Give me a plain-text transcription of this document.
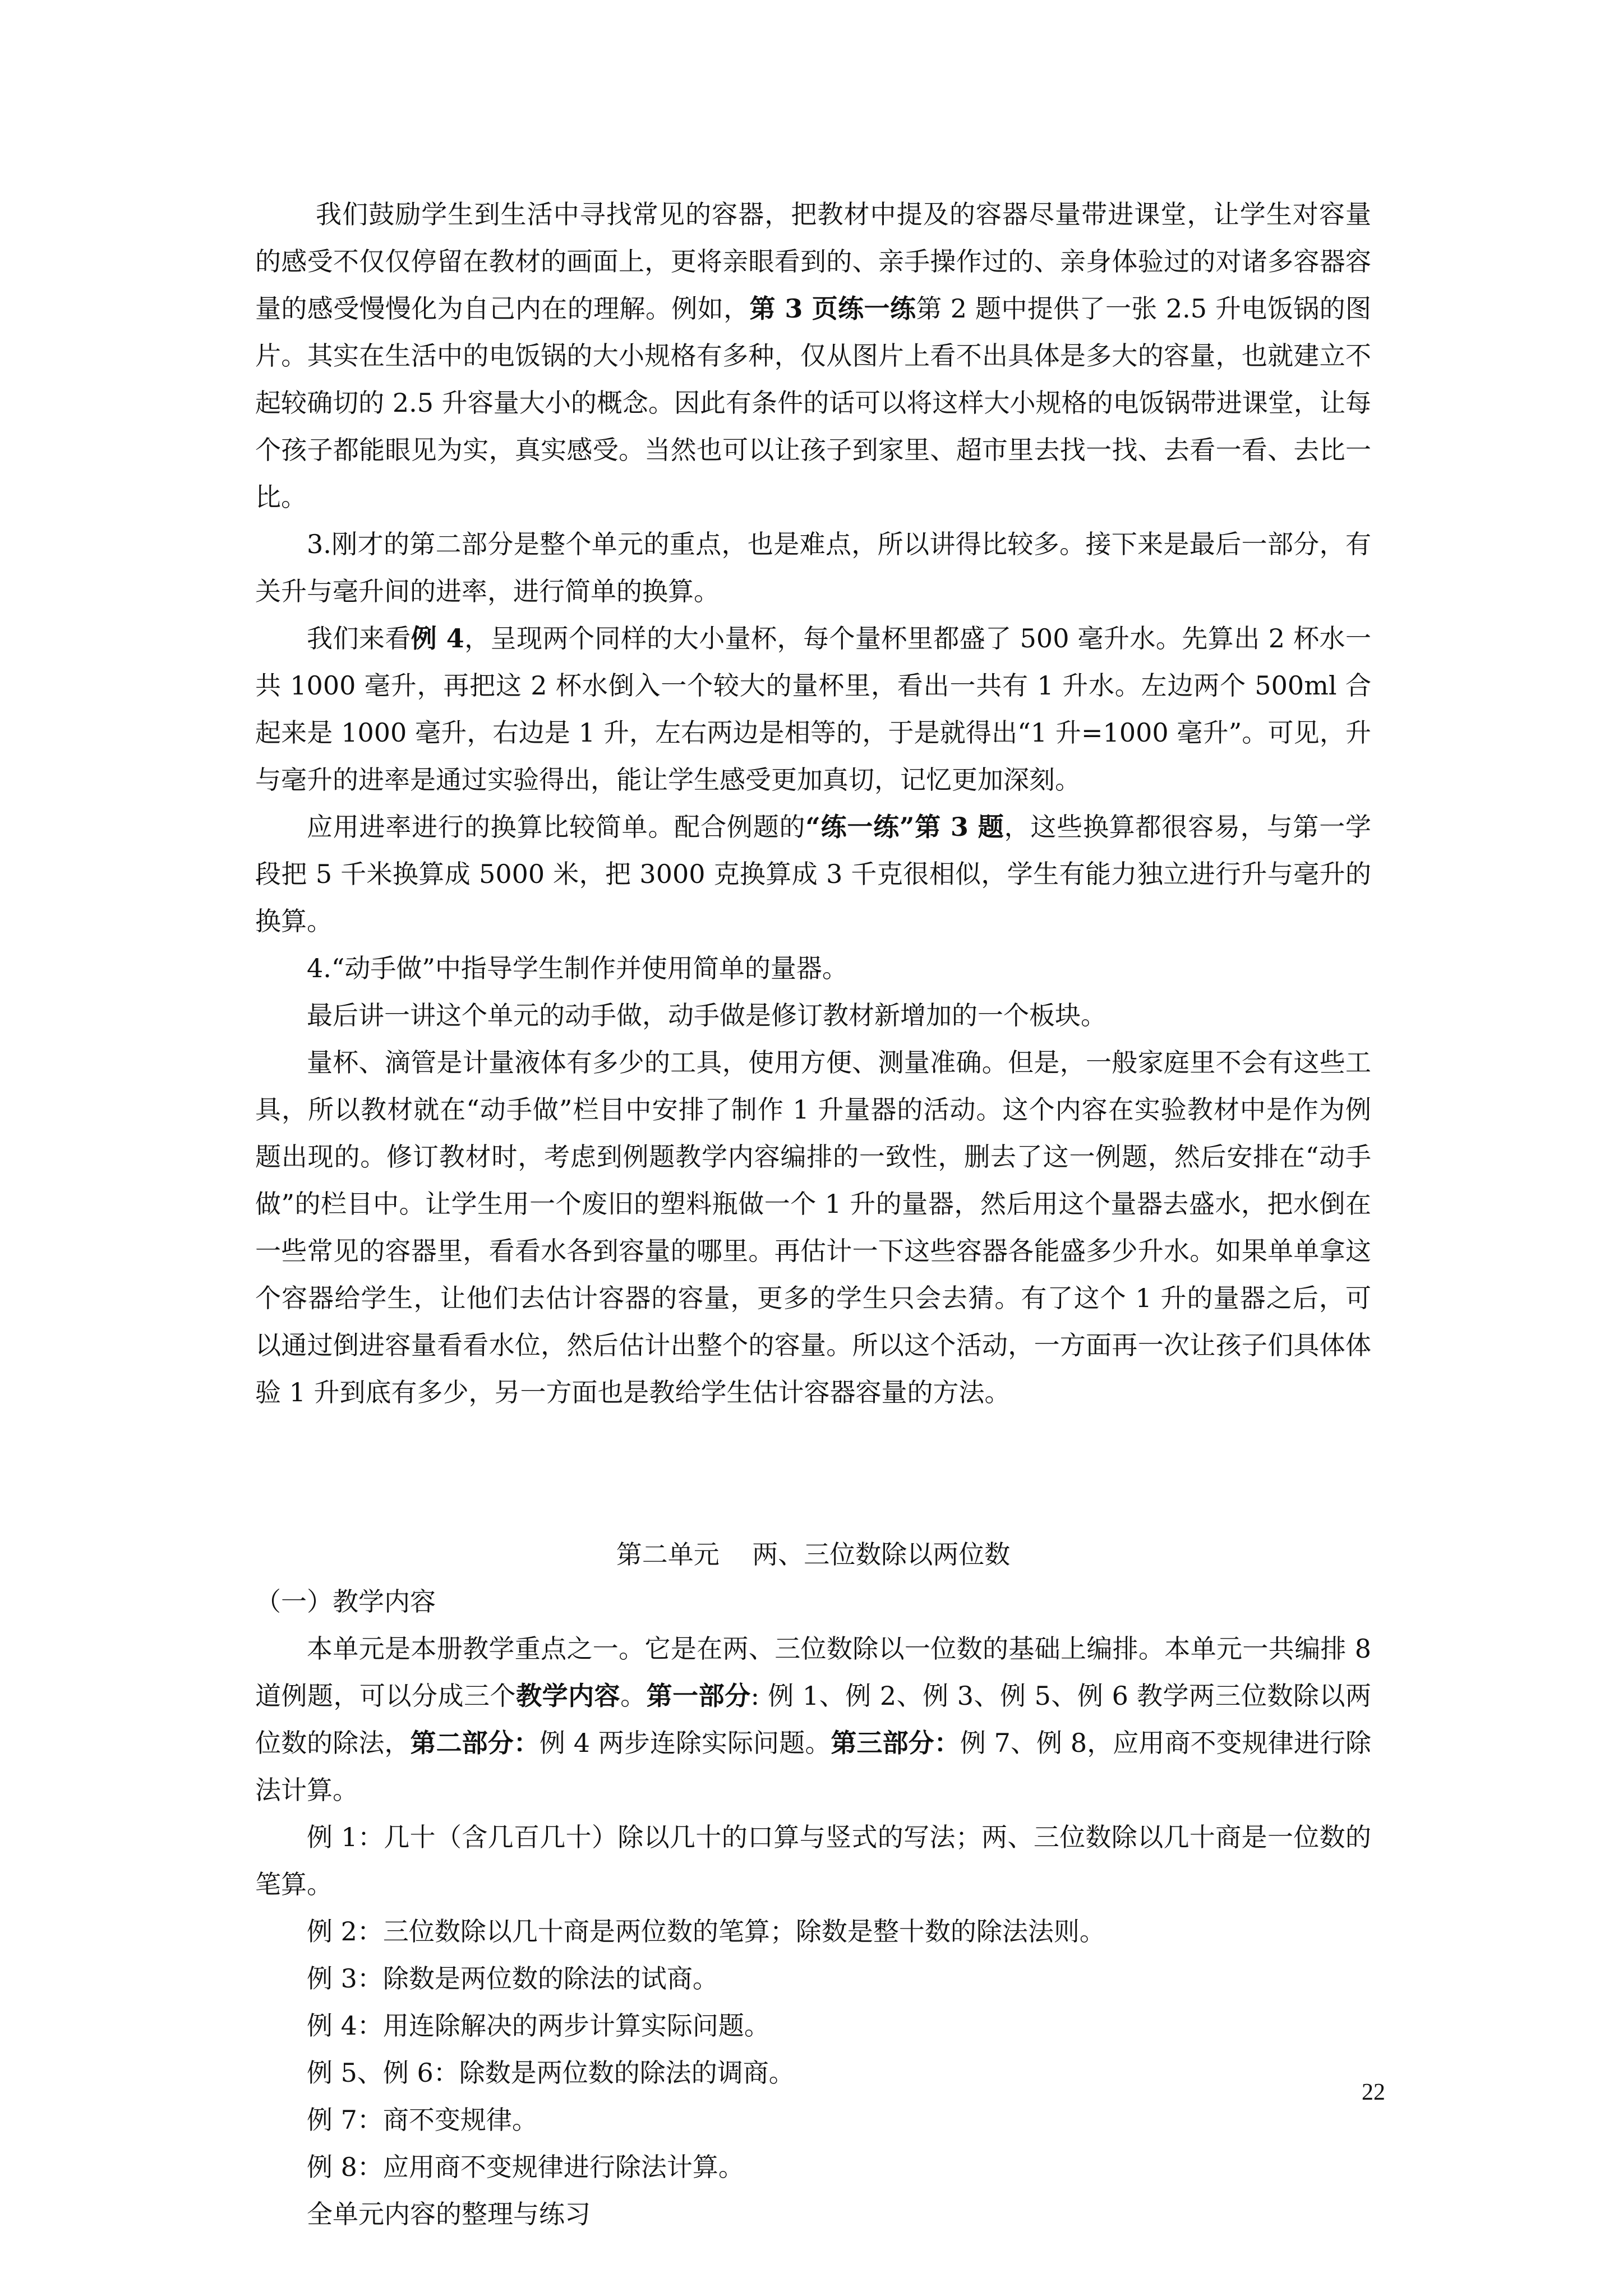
我们鼓励学生到生活中寻找常见的容器，把教材中提及的容器尽量带进课堂，让学生对容量的感受不仅仅停留在教材的画面上，更将亲眼看到的、亲手操作过的、亲身体验过的对诸多容器容量的感受慢慢化为自己内在的理解。例如，第 3 页练一练第 2 题中提供了一张 2.5 升电饭锅的图片。其实在生活中的电饭锅的大小规格有多种，仅从图片上看不出具体是多大的容量，也就建立不起较确切的 2.5 升容量大小的概念。因此有条件的话可以将这样大小规格的电饭锅带进课堂，让每个孩子都能眼见为实，真实感受。当然也可以让孩子到家里、超市里去找一找、去看一看、去比一比。

3.刚才的第二部分是整个单元的重点，也是难点，所以讲得比较多。接下来是最后一部分，有关升与毫升间的进率，进行简单的换算。

我们来看例 4，呈现两个同样的大小量杯，每个量杯里都盛了 500 毫升水。先算出 2 杯水一共 1000 毫升，再把这 2 杯水倒入一个较大的量杯里，看出一共有 1 升水。左边两个 500ml 合起来是 1000 毫升，右边是 1 升，左右两边是相等的，于是就得出“1 升=1000 毫升”。可见，升与毫升的进率是通过实验得出，能让学生感受更加真切，记忆更加深刻。

应用进率进行的换算比较简单。配合例题的“练一练”第 3 题，这些换算都很容易，与第一学段把 5 千米换算成 5000 米，把 3000 克换算成 3 千克很相似，学生有能力独立进行升与毫升的换算。

4.“动手做”中指导学生制作并使用简单的量器。

最后讲一讲这个单元的动手做，动手做是修订教材新增加的一个板块。

量杯、滴管是计量液体有多少的工具，使用方便、测量准确。但是，一般家庭里不会有这些工具，所以教材就在“动手做”栏目中安排了制作 1 升量器的活动。这个内容在实验教材中是作为例题出现的。修订教材时，考虑到例题教学内容编排的一致性，删去了这一例题，然后安排在“动手做”的栏目中。让学生用一个废旧的塑料瓶做一个 1 升的量器，然后用这个量器去盛水，把水倒在一些常见的容器里，看看水各到容量的哪里。再估计一下这些容器各能盛多少升水。如果单单拿这个容器给学生，让他们去估计容器的容量，更多的学生只会去猜。有了这个 1 升的量器之后，可以通过倒进容量看看水位，然后估计出整个的容量。所以这个活动，一方面再一次让孩子们具体体验 1 升到底有多少，另一方面也是教给学生估计容器容量的方法。

第二单元    两、三位数除以两位数

（一）教学内容

本单元是本册教学重点之一。它是在两、三位数除以一位数的基础上编排。本单元一共编排 8 道例题，可以分成三个教学内容。第一部分: 例 1、例 2、例 3、例 5、例 6 教学两三位数除以两位数的除法，第二部分：例 4 两步连除实际问题。第三部分：例 7、例 8，应用商不变规律进行除法计算。

例 1：几十（含几百几十）除以几十的口算与竖式的写法；两、三位数除以几十商是一位数的笔算。

例 2：三位数除以几十商是两位数的笔算；除数是整十数的除法法则。

例 3：除数是两位数的除法的试商。

例 4：用连除解决的两步计算实际问题。

例 5、例 6：除数是两位数的除法的调商。

例 7：商不变规律。

例 8：应用商不变规律进行除法计算。

全单元内容的整理与练习

22
